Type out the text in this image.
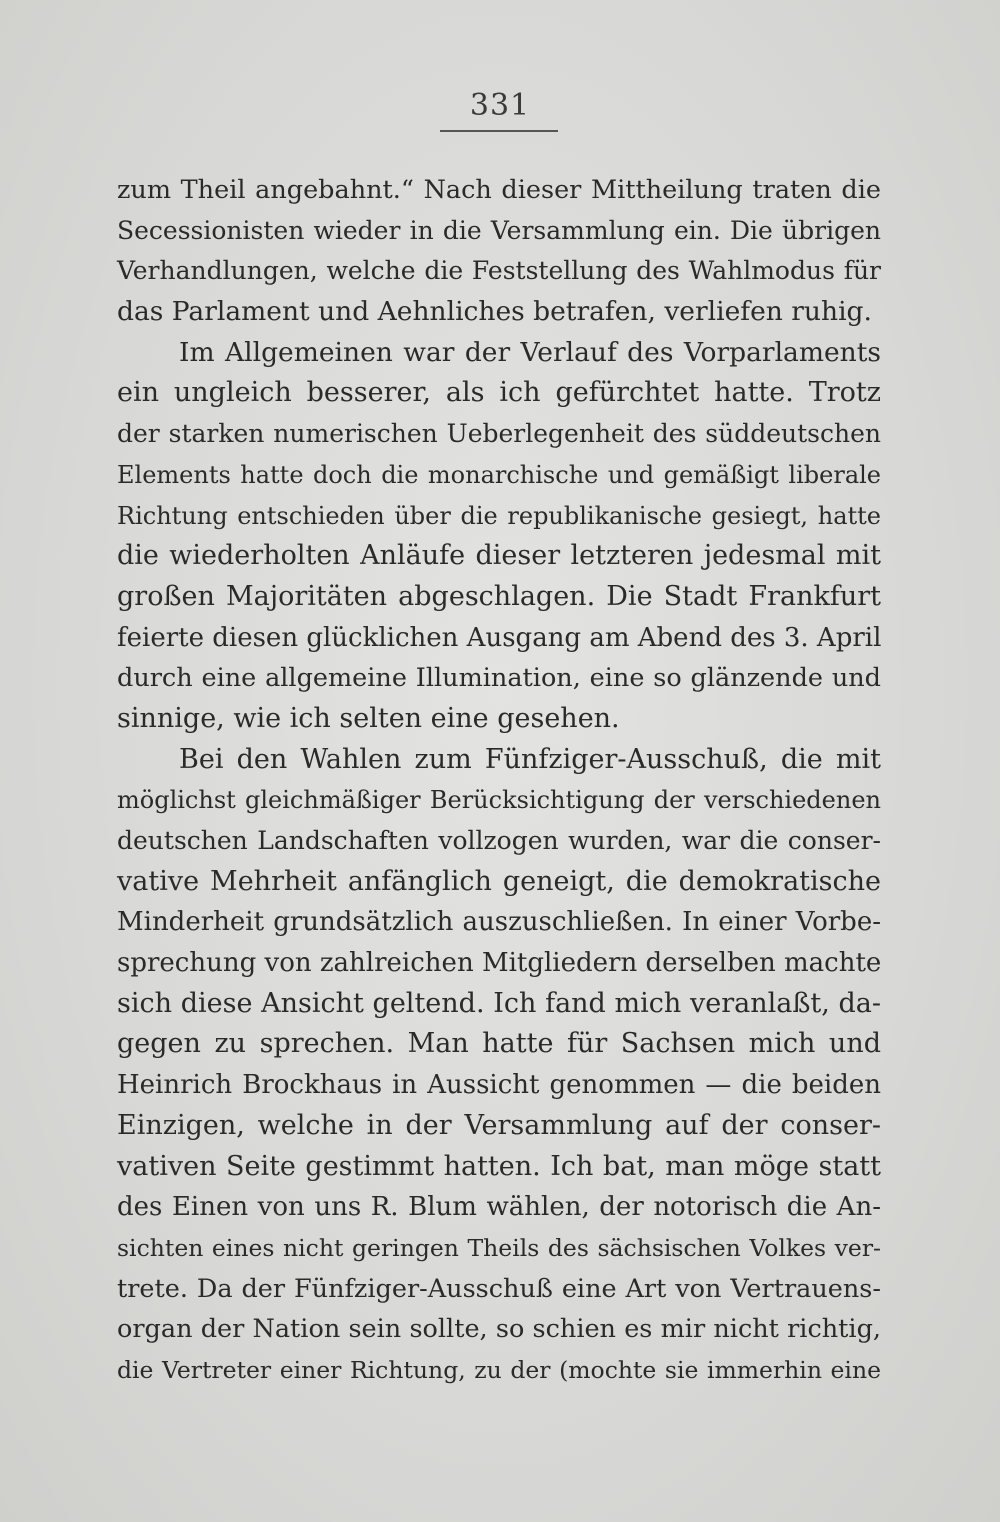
331
zum Theil angebahnt.“ Nach dieser Mittheilung traten die
Secessionisten wieder in die Versammlung ein. Die übrigen
Verhandlungen, welche die Feststellung des Wahlmodus für
das Parlament und Aehnliches betrafen, verliefen ruhig.
Im Allgemeinen war der Verlauf des Vorparlaments
ein ungleich besserer, als ich gefürchtet hatte. Trotz
der starken numerischen Ueberlegenheit des süddeutschen
Elements hatte doch die monarchische und gemäßigt liberale
Richtung entschieden über die republikanische gesiegt, hatte
die wiederholten Anläufe dieser letzteren jedesmal mit
großen Majoritäten abgeschlagen. Die Stadt Frankfurt
feierte diesen glücklichen Ausgang am Abend des 3. April
durch eine allgemeine Illumination, eine so glänzende und
sinnige, wie ich selten eine gesehen.
Bei den Wahlen zum Fünfziger-Ausschuß, die mit
möglichst gleichmäßiger Berücksichtigung der verschiedenen
deutschen Landschaften vollzogen wurden, war die conser-
vative Mehrheit anfänglich geneigt, die demokratische
Minderheit grundsätzlich auszuschließen. In einer Vorbe-
sprechung von zahlreichen Mitgliedern derselben machte
sich diese Ansicht geltend. Ich fand mich veranlaßt, da-
gegen zu sprechen. Man hatte für Sachsen mich und
Heinrich Brockhaus in Aussicht genommen — die beiden
Einzigen, welche in der Versammlung auf der conser-
vativen Seite gestimmt hatten. Ich bat, man möge statt
des Einen von uns R. Blum wählen, der notorisch die An-
sichten eines nicht geringen Theils des sächsischen Volkes ver-
trete. Da der Fünfziger-Ausschuß eine Art von Vertrauens-
organ der Nation sein sollte, so schien es mir nicht richtig,
die Vertreter einer Richtung, zu der (mochte sie immerhin eine
